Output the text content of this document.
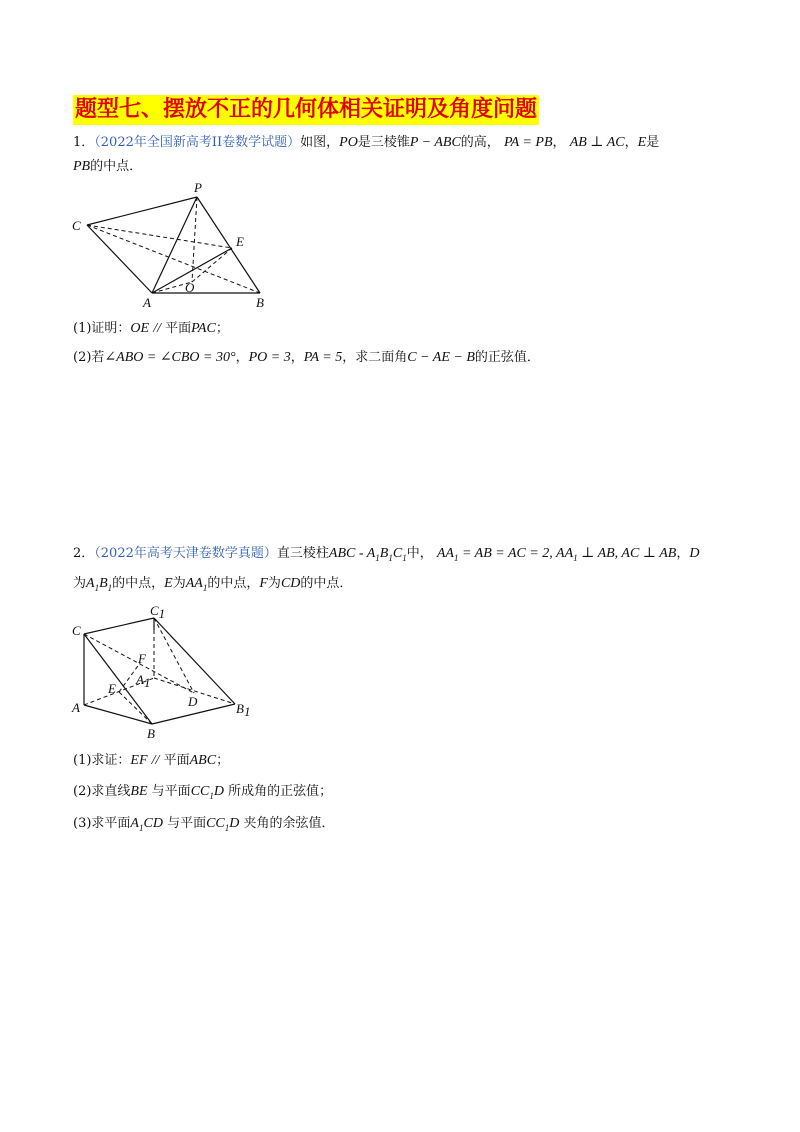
题型七、摆放不正的几何体相关证明及角度问题
1．（2022年全国新高考II卷数学试题）如图，PO是三棱锥P − ABC的高， PA = PB， AB ⊥ AC，E是
PB的中点．
P
C
E
O
A	B
(1)证明：OE // 平面PAC；
(2)若∠ABO = ∠CBO = 30°，PO = 3，PA = 5，求二面角C − AE − B的正弦值．
2．（2022年高考天津卷数学真题）直三棱柱ABC - $A_1B_1C_1$中， $AA_1$ = AB = AC = 2, $AA_1$ ⊥ AB, AC ⊥ AB，D
为$A_1B_1$的中点，E为$AA_1$的中点，F为CD的中点．
C1
C
F
A1
E
D	B1
A
B
(1)求证：EF // 平面ABC；
(2)求直线BE 与平面$CC_1D$ 所成角的正弦值；
(3)求平面$A_1CD$ 与平面$CC_1D$ 夹角的余弦值．
